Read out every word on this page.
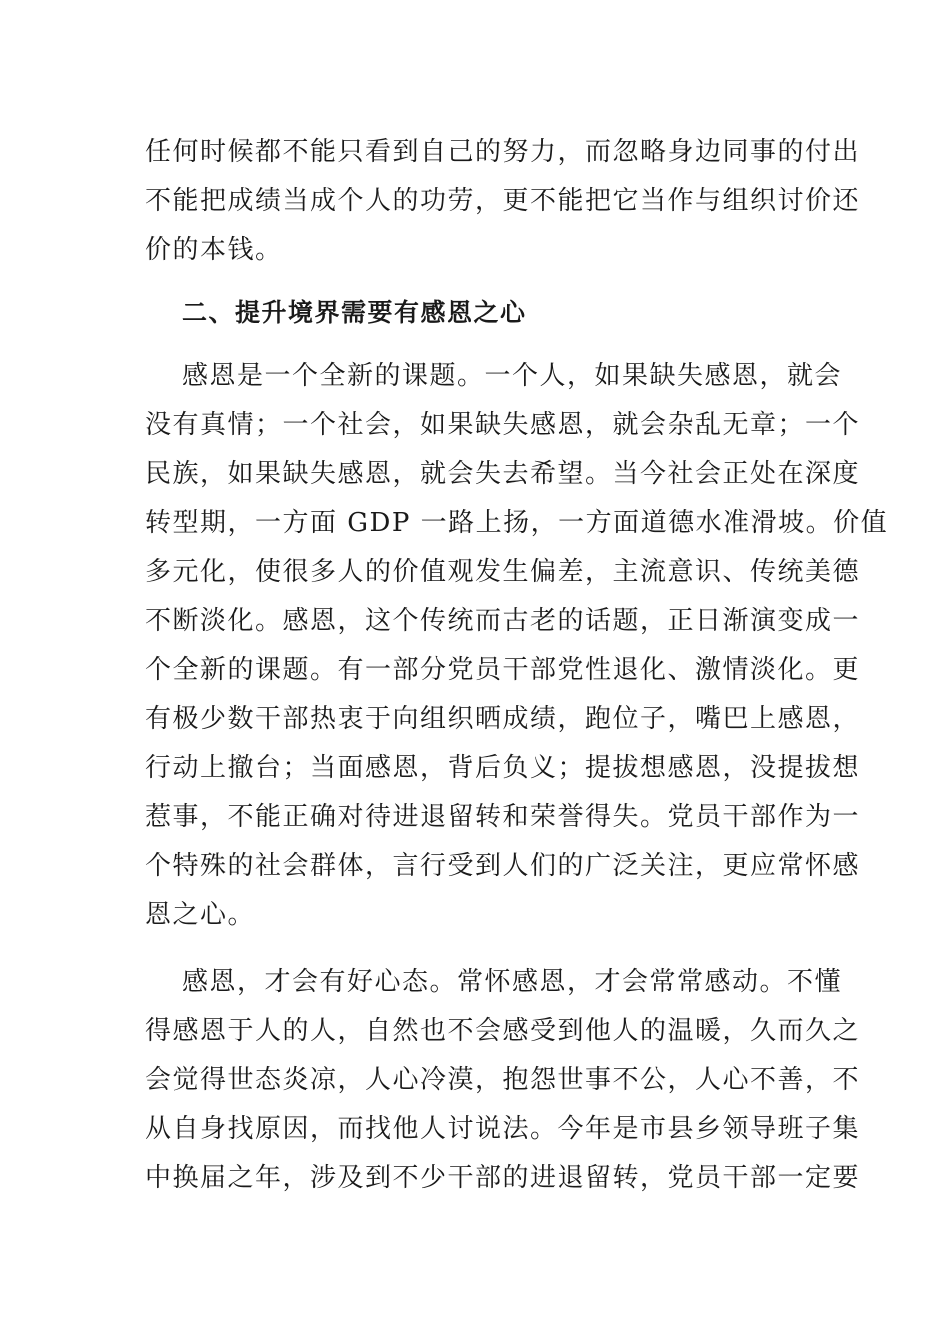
任何时候都不能只看到自己的努力，而忽略身边同事的付出
不能把成绩当成个人的功劳，更不能把它当作与组织讨价还
价的本钱。
二、提升境界需要有感恩之心
感恩是一个全新的课题。一个人，如果缺失感恩，就会
没有真情；一个社会，如果缺失感恩，就会杂乱无章；一个
民族，如果缺失感恩，就会失去希望。当今社会正处在深度
转型期，一方面 GDP 一路上扬，一方面道德水准滑坡。价值
多元化，使很多人的价值观发生偏差，主流意识、传统美德
不断淡化。感恩，这个传统而古老的话题，正日渐演变成一
个全新的课题。有一部分党员干部党性退化、激情淡化。更
有极少数干部热衷于向组织晒成绩，跑位子，嘴巴上感恩，
行动上撤台；当面感恩，背后负义；提拔想感恩，没提拔想
惹事，不能正确对待进退留转和荣誉得失。党员干部作为一
个特殊的社会群体，言行受到人们的广泛关注，更应常怀感
恩之心。
感恩，才会有好心态。常怀感恩，才会常常感动。不懂
得感恩于人的人，自然也不会感受到他人的温暖，久而久之
会觉得世态炎凉，人心冷漠，抱怨世事不公，人心不善，不
从自身找原因，而找他人讨说法。今年是市县乡领导班子集
中换届之年，涉及到不少干部的进退留转，党员干部一定要
